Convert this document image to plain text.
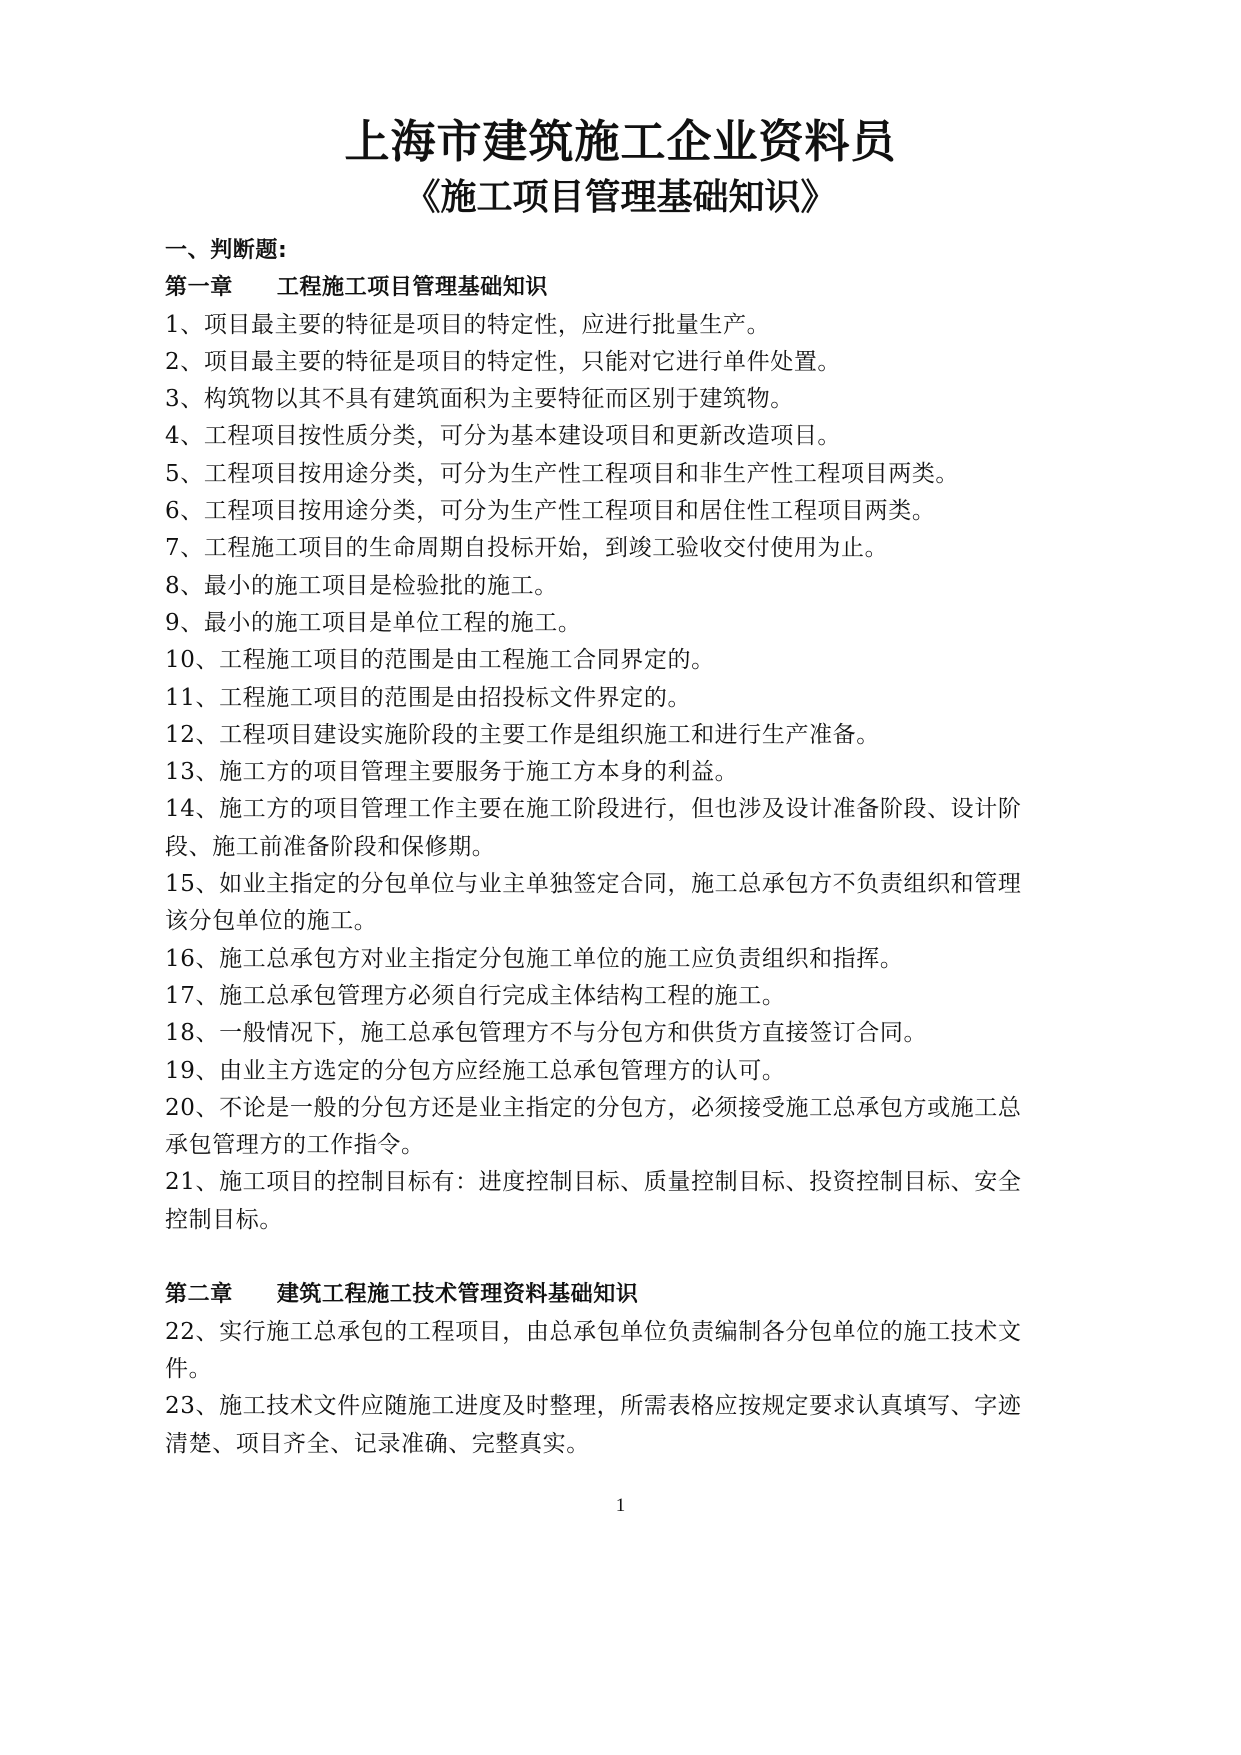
上海市建筑施工企业资料员
《施工项目管理基础知识》
一、判断题:
第一章 工程施工项目管理基础知识
1、项目最主要的特征是项目的特定性，应进行批量生产。
2、项目最主要的特征是项目的特定性，只能对它进行单件处置。
3、构筑物以其不具有建筑面积为主要特征而区别于建筑物。
4、工程项目按性质分类，可分为基本建设项目和更新改造项目。
5、工程项目按用途分类，可分为生产性工程项目和非生产性工程项目两类。
6、工程项目按用途分类，可分为生产性工程项目和居住性工程项目两类。
7、工程施工项目的生命周期自投标开始，到竣工验收交付使用为止。
8、最小的施工项目是检验批的施工。
9、最小的施工项目是单位工程的施工。
10、工程施工项目的范围是由工程施工合同界定的。
11、工程施工项目的范围是由招投标文件界定的。
12、工程项目建设实施阶段的主要工作是组织施工和进行生产准备。
13、施工方的项目管理主要服务于施工方本身的利益。
14、施工方的项目管理工作主要在施工阶段进行，但也涉及设计准备阶段、设计阶
段、施工前准备阶段和保修期。
15、如业主指定的分包单位与业主单独签定合同，施工总承包方不负责组织和管理
该分包单位的施工。
16、施工总承包方对业主指定分包施工单位的施工应负责组织和指挥。
17、施工总承包管理方必须自行完成主体结构工程的施工。
18、一般情况下，施工总承包管理方不与分包方和供货方直接签订合同。
19、由业主方选定的分包方应经施工总承包管理方的认可。
20、不论是一般的分包方还是业主指定的分包方，必须接受施工总承包方或施工总
承包管理方的工作指令。
21、施工项目的控制目标有：进度控制目标、质量控制目标、投资控制目标、安全
控制目标。
第二章 建筑工程施工技术管理资料基础知识
22、实行施工总承包的工程项目，由总承包单位负责编制各分包单位的施工技术文
件。
23、施工技术文件应随施工进度及时整理，所需表格应按规定要求认真填写、字迹
清楚、项目齐全、记录准确、完整真实。
1
